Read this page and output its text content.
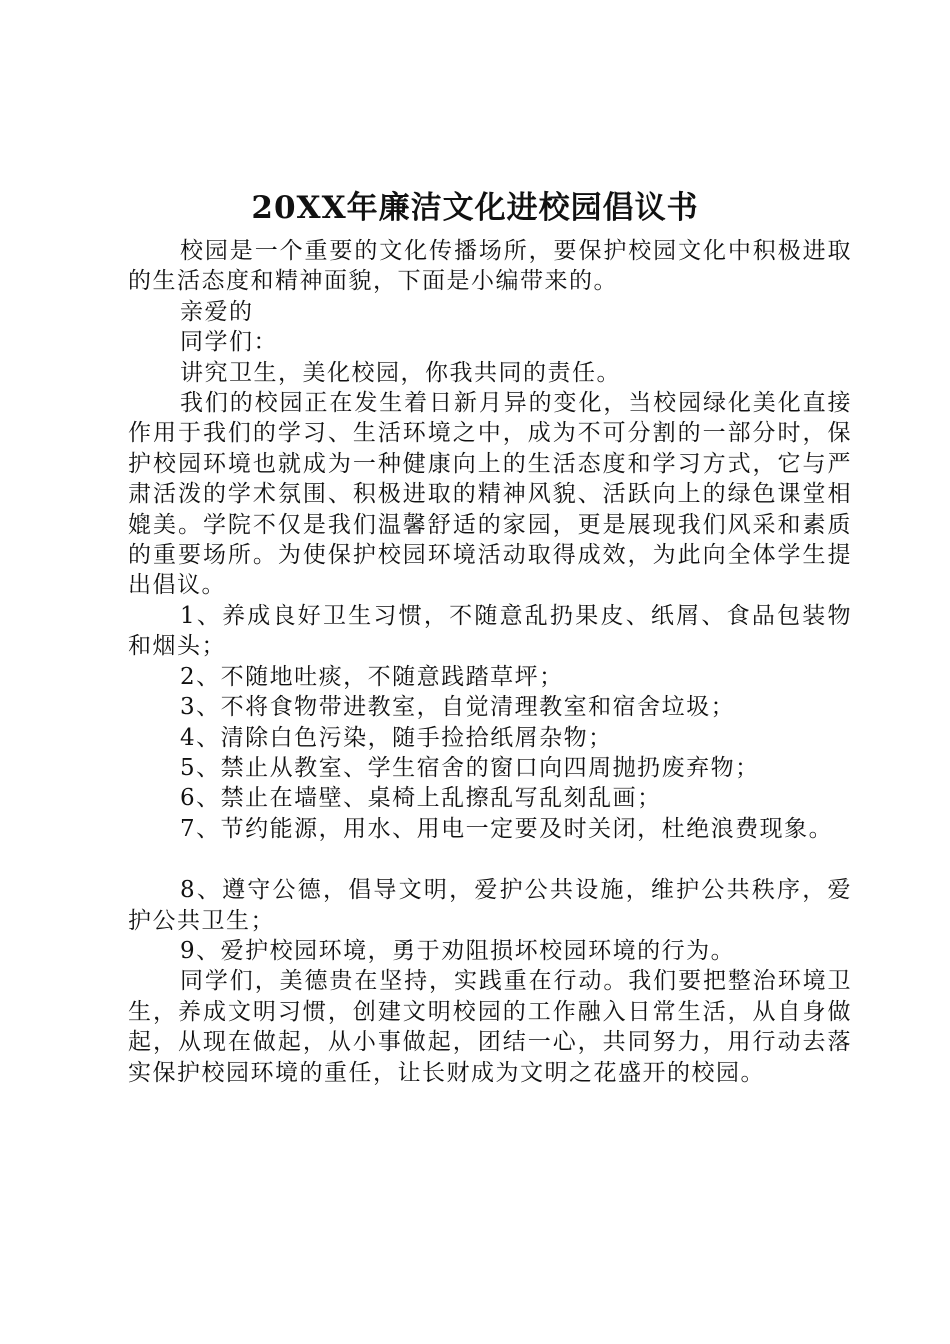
20XX年廉洁文化进校园倡议书

校园是一个重要的文化传播场所，要保护校园文化中积极进取的生活态度和精神面貌，下面是小编带来的。

亲爱的

同学们：

讲究卫生，美化校园，你我共同的责任。

我们的校园正在发生着日新月异的变化，当校园绿化美化直接作用于我们的学习、生活环境之中，成为不可分割的一部分时，保护校园环境也就成为一种健康向上的生活态度和学习方式，它与严肃活泼的学术氛围、积极进取的精神风貌、活跃向上的绿色课堂相媲美。学院不仅是我们温馨舒适的家园，更是展现我们风采和素质的重要场所。为使保护校园环境活动取得成效，为此向全体学生提出倡议。

1、养成良好卫生习惯，不随意乱扔果皮、纸屑、食品包装物和烟头；

2、不随地吐痰，不随意践踏草坪；

3、不将食物带进教室，自觉清理教室和宿舍垃圾；

4、清除白色污染，随手捡拾纸屑杂物；

5、禁止从教室、学生宿舍的窗口向四周抛扔废弃物；

6、禁止在墙壁、桌椅上乱擦乱写乱刻乱画；

7、节约能源，用水、用电一定要及时关闭，杜绝浪费现象。

8、遵守公德，倡导文明，爱护公共设施，维护公共秩序，爱护公共卫生；

9、爱护校园环境，勇于劝阻损坏校园环境的行为。

同学们，美德贵在坚持，实践重在行动。我们要把整治环境卫生，养成文明习惯，创建文明校园的工作融入日常生活，从自身做起，从现在做起，从小事做起，团结一心，共同努力，用行动去落实保护校园环境的重任，让长财成为文明之花盛开的校园。
